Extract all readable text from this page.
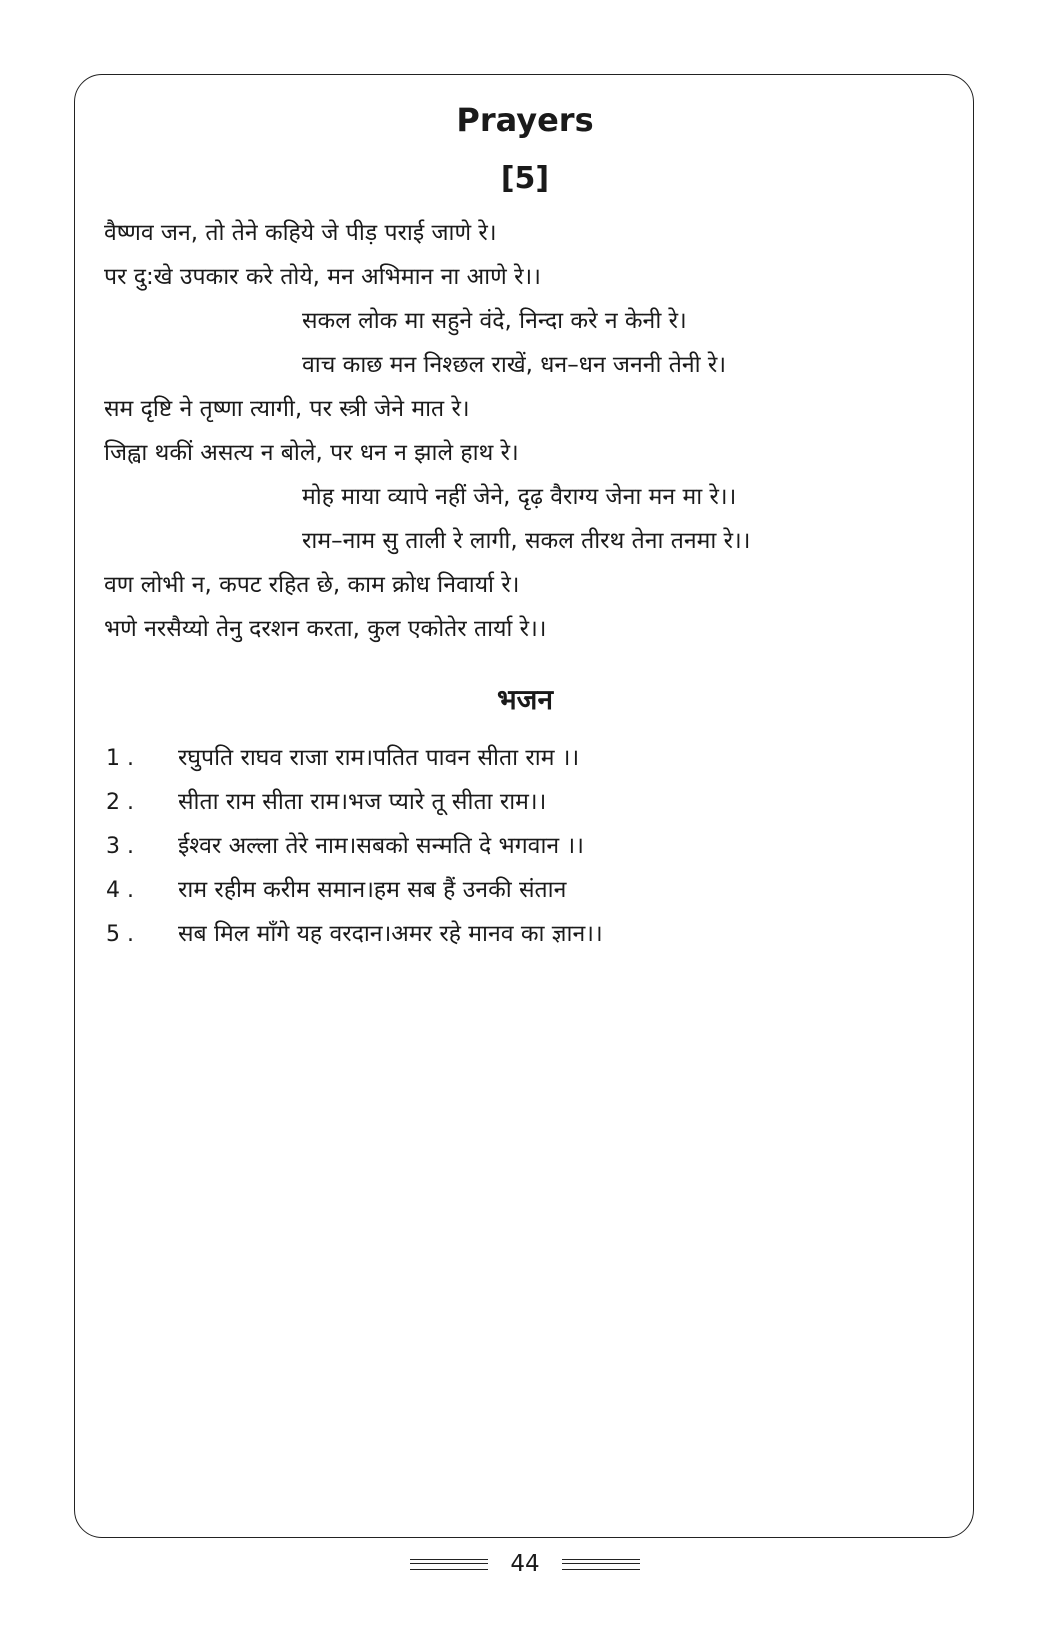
Prayers
[5]
वैष्णव जन, तो तेने कहिये जे पीड़ पराई जाणे रे।
पर दु:खे उपकार करे तोये, मन अभिमान ना आणे रे।।
सकल लोक मा सहुने वंदे, निन्दा करे न केनी रे।
वाच काछ मन निश्छल राखें, धन–धन जननी तेनी रे।
सम दृष्टि ने तृष्णा त्यागी, पर स्त्री जेने मात रे।
जिह्वा थकीं असत्य न बोले, पर धन न झाले हाथ रे।
मोह माया व्यापे नहीं जेने, दृढ़ वैराग्य जेना मन मा रे।।
राम–नाम सु ताली रे लागी, सकल तीरथ तेना तनमा रे।।
वण लोभी न, कपट रहित छे, काम क्रोध निवार्या रे।
भणे नरसैय्यो तेनु दरशन करता, कुल एकोतेर तार्या रे।।
भजन
1 . रघुपति राघव राजा राम।पतित पावन सीता राम ।।
2 . सीता राम सीता राम।भज प्यारे तू सीता राम।।
3 . ईश्वर अल्ला तेरे नाम।सबको सन्मति दे भगवान ।।
4 . राम रहीम करीम समान।हम सब हैं उनकी संतान
5 . सब मिल माँगे यह वरदान।अमर रहे मानव का ज्ञान।।
44
